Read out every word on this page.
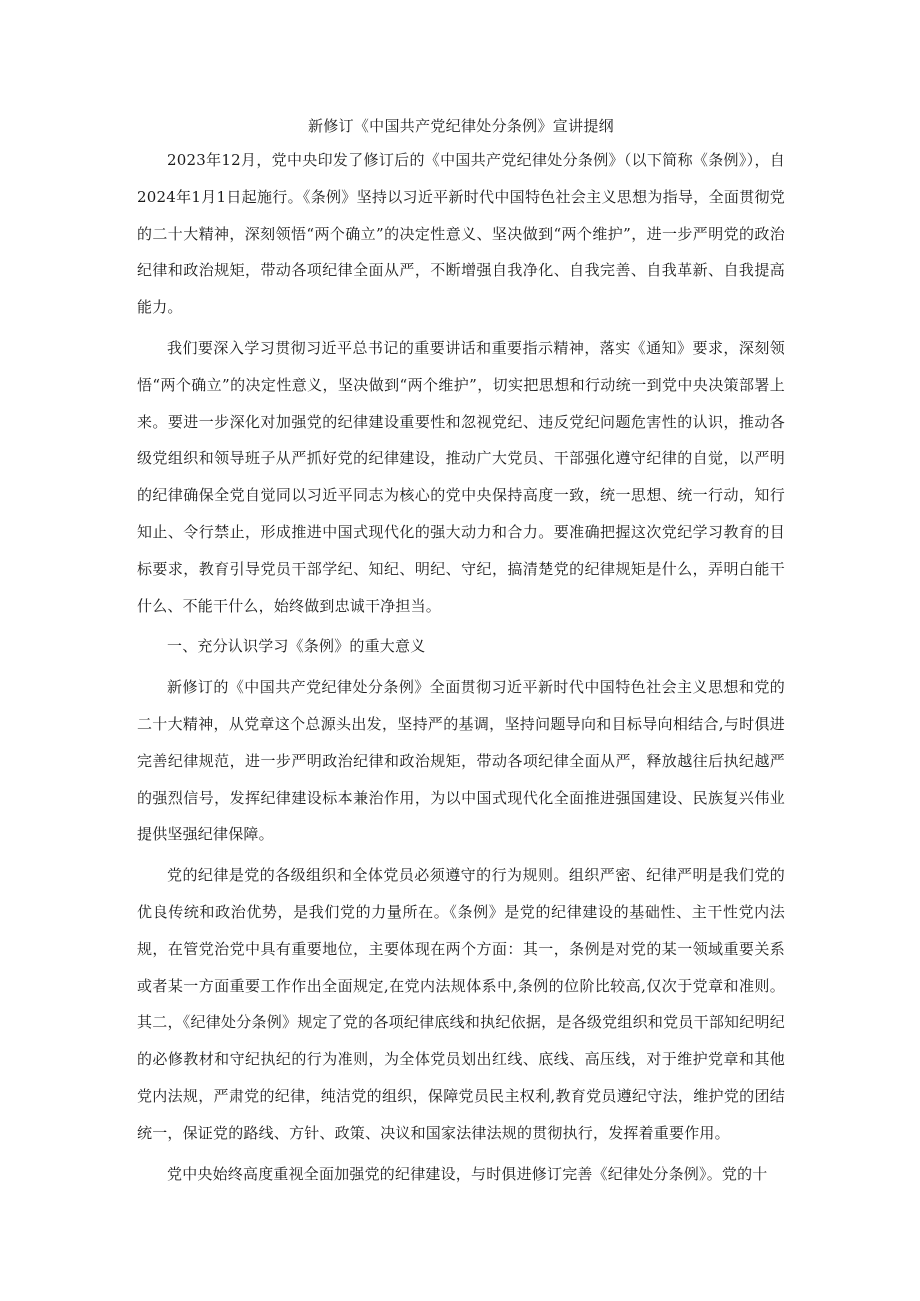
新修订《中国共产党纪律处分条例》宣讲提纲

2023年12月，党中央印发了修订后的《中国共产党纪律处分条例》（以下简称《条例》），自2024年1月1日起施行。《条例》坚持以习近平新时代中国特色社会主义思想为指导，全面贯彻党的二十大精神，深刻领悟“两个确立”的决定性意义、坚决做到“两个维护”，进一步严明党的政治纪律和政治规矩，带动各项纪律全面从严，不断增强自我净化、自我完善、自我革新、自我提高能力。

我们要深入学习贯彻习近平总书记的重要讲话和重要指示精神，落实《通知》要求，深刻领悟“两个确立”的决定性意义，坚决做到“两个维护”，切实把思想和行动统一到党中央决策部署上来。要进一步深化对加强党的纪律建设重要性和忽视党纪、违反党纪问题危害性的认识，推动各级党组织和领导班子从严抓好党的纪律建设，推动广大党员、干部强化遵守纪律的自觉，以严明的纪律确保全党自觉同以习近平同志为核心的党中央保持高度一致，统一思想、统一行动，知行知止、令行禁止，形成推进中国式现代化的强大动力和合力。要准确把握这次党纪学习教育的目标要求，教育引导党员干部学纪、知纪、明纪、守纪，搞清楚党的纪律规矩是什么，弄明白能干什么、不能干什么，始终做到忠诚干净担当。

一、充分认识学习《条例》的重大意义

新修订的《中国共产党纪律处分条例》全面贯彻习近平新时代中国特色社会主义思想和党的二十大精神，从党章这个总源头出发，坚持严的基调，坚持问题导向和目标导向相结合,与时俱进完善纪律规范，进一步严明政治纪律和政治规矩，带动各项纪律全面从严，释放越往后执纪越严的强烈信号，发挥纪律建设标本兼治作用，为以中国式现代化全面推进强国建设、民族复兴伟业提供坚强纪律保障。

党的纪律是党的各级组织和全体党员必须遵守的行为规则。组织严密、纪律严明是我们党的优良传统和政治优势，是我们党的力量所在。《条例》是党的纪律建设的基础性、主干性党内法规，在管党治党中具有重要地位，主要体现在两个方面：其一，条例是对党的某一领域重要关系或者某一方面重要工作作出全面规定,在党内法规体系中,条例的位阶比较高,仅次于党章和准则。其二，《纪律处分条例》规定了党的各项纪律底线和执纪依据，是各级党组织和党员干部知纪明纪的必修教材和守纪执纪的行为准则，为全体党员划出红线、底线、高压线，对于维护党章和其他党内法规，严肃党的纪律，纯洁党的组织，保障党员民主权利,教育党员遵纪守法，维护党的团结统一，保证党的路线、方针、政策、决议和国家法律法规的贯彻执行，发挥着重要作用。

党中央始终高度重视全面加强党的纪律建设，与时俱进修订完善《纪律处分条例》。党的十
